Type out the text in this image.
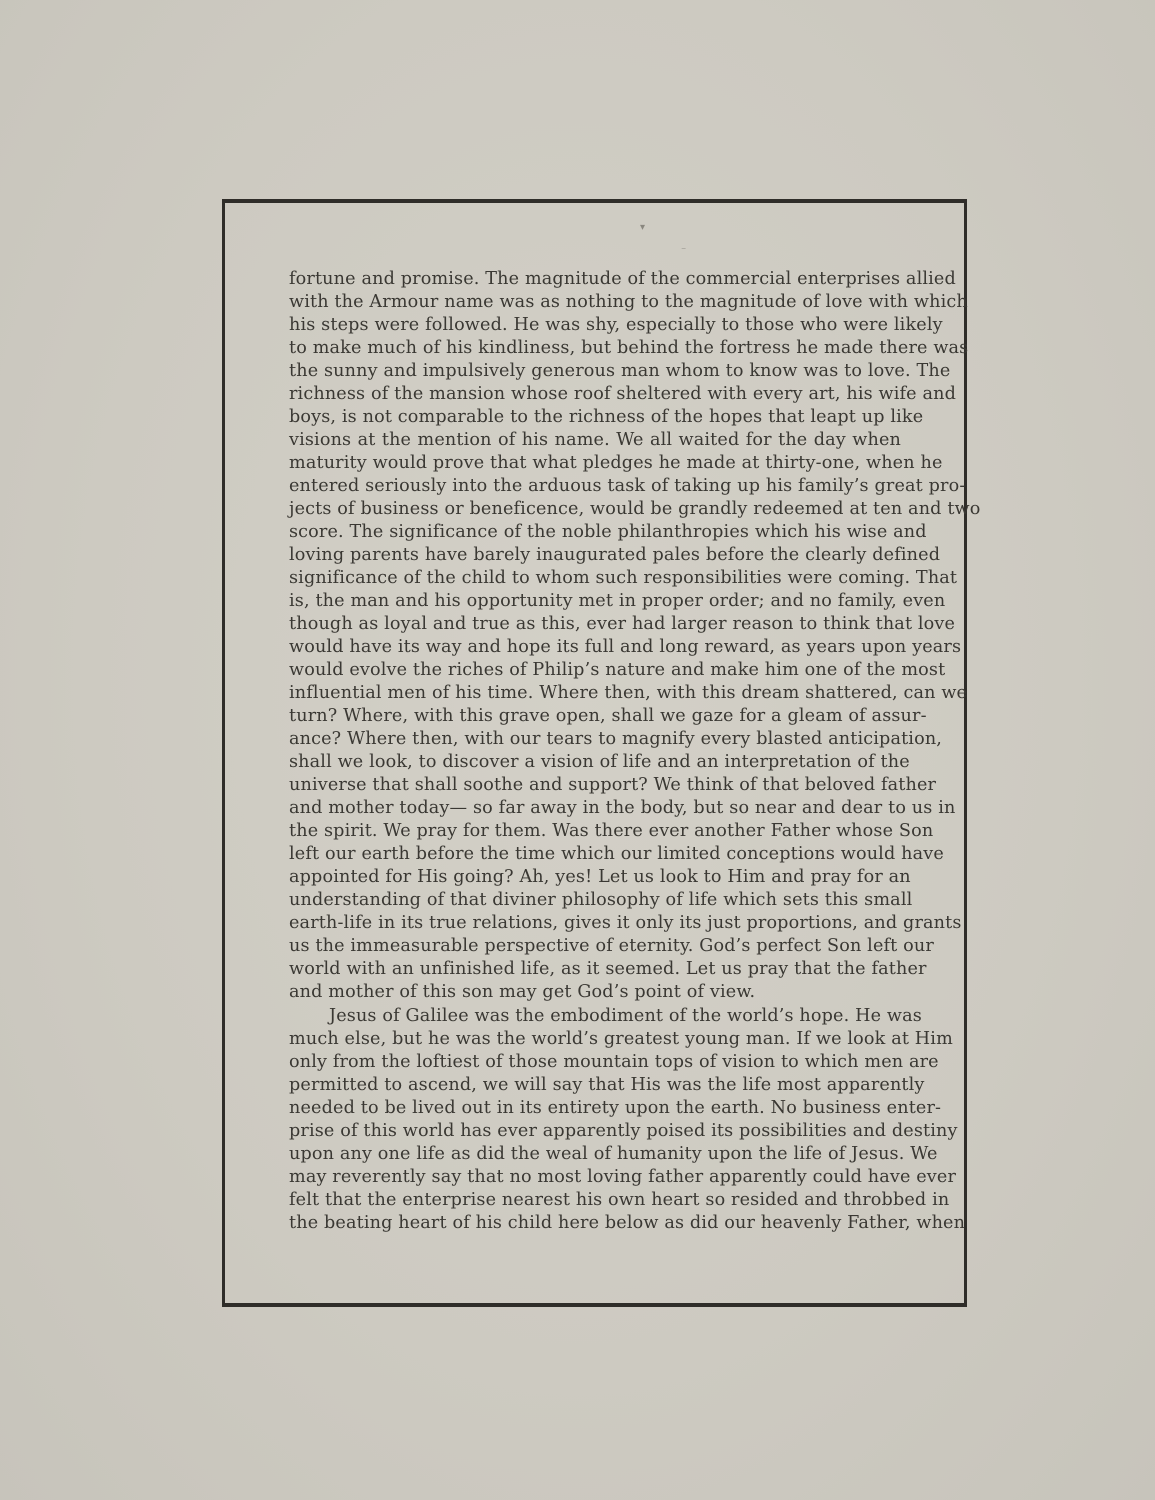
▾
⁻
fortune and promise. The magnitude of the commercial enterprises allied
with the Armour name was as nothing to the magnitude of love with which
his steps were followed. He was shy, especially to those who were likely
to make much of his kindliness, but behind the fortress he made there was
the sunny and impulsively generous man whom to know was to love. The
richness of the mansion whose roof sheltered with every art, his wife and
boys, is not comparable to the richness of the hopes that leapt up like
visions at the mention of his name. We all waited for the day when
maturity would prove that what pledges he made at thirty-one, when he
entered seriously into the arduous task of taking up his family’s great pro-
jects of business or beneficence, would be grandly redeemed at ten and two
score. The significance of the noble philanthropies which his wise and
loving parents have barely inaugurated pales before the clearly defined
significance of the child to whom such responsibilities were coming. That
is, the man and his opportunity met in proper order; and no family, even
though as loyal and true as this, ever had larger reason to think that love
would have its way and hope its full and long reward, as years upon years
would evolve the riches of Philip’s nature and make him one of the most
influential men of his time. Where then, with this dream shattered, can we
turn? Where, with this grave open, shall we gaze for a gleam of assur-
ance? Where then, with our tears to magnify every blasted anticipation,
shall we look, to discover a vision of life and an interpretation of the
universe that shall soothe and support? We think of that beloved father
and mother today— so far away in the body, but so near and dear to us in
the spirit. We pray for them. Was there ever another Father whose Son
left our earth before the time which our limited conceptions would have
appointed for His going? Ah, yes! Let us look to Him and pray for an
understanding of that diviner philosophy of life which sets this small
earth-life in its true relations, gives it only its just proportions, and grants
us the immeasurable perspective of eternity. God’s perfect Son left our
world with an unfinished life, as it seemed. Let us pray that the father
and mother of this son may get God’s point of view.
Jesus of Galilee was the embodiment of the world’s hope. He was
much else, but he was the world’s greatest young man. If we look at Him
only from the loftiest of those mountain tops of vision to which men are
permitted to ascend, we will say that His was the life most apparently
needed to be lived out in its entirety upon the earth. No business enter-
prise of this world has ever apparently poised its possibilities and destiny
upon any one life as did the weal of humanity upon the life of Jesus. We
may reverently say that no most loving father apparently could have ever
felt that the enterprise nearest his own heart so resided and throbbed in
the beating heart of his child here below as did our heavenly Father, when
